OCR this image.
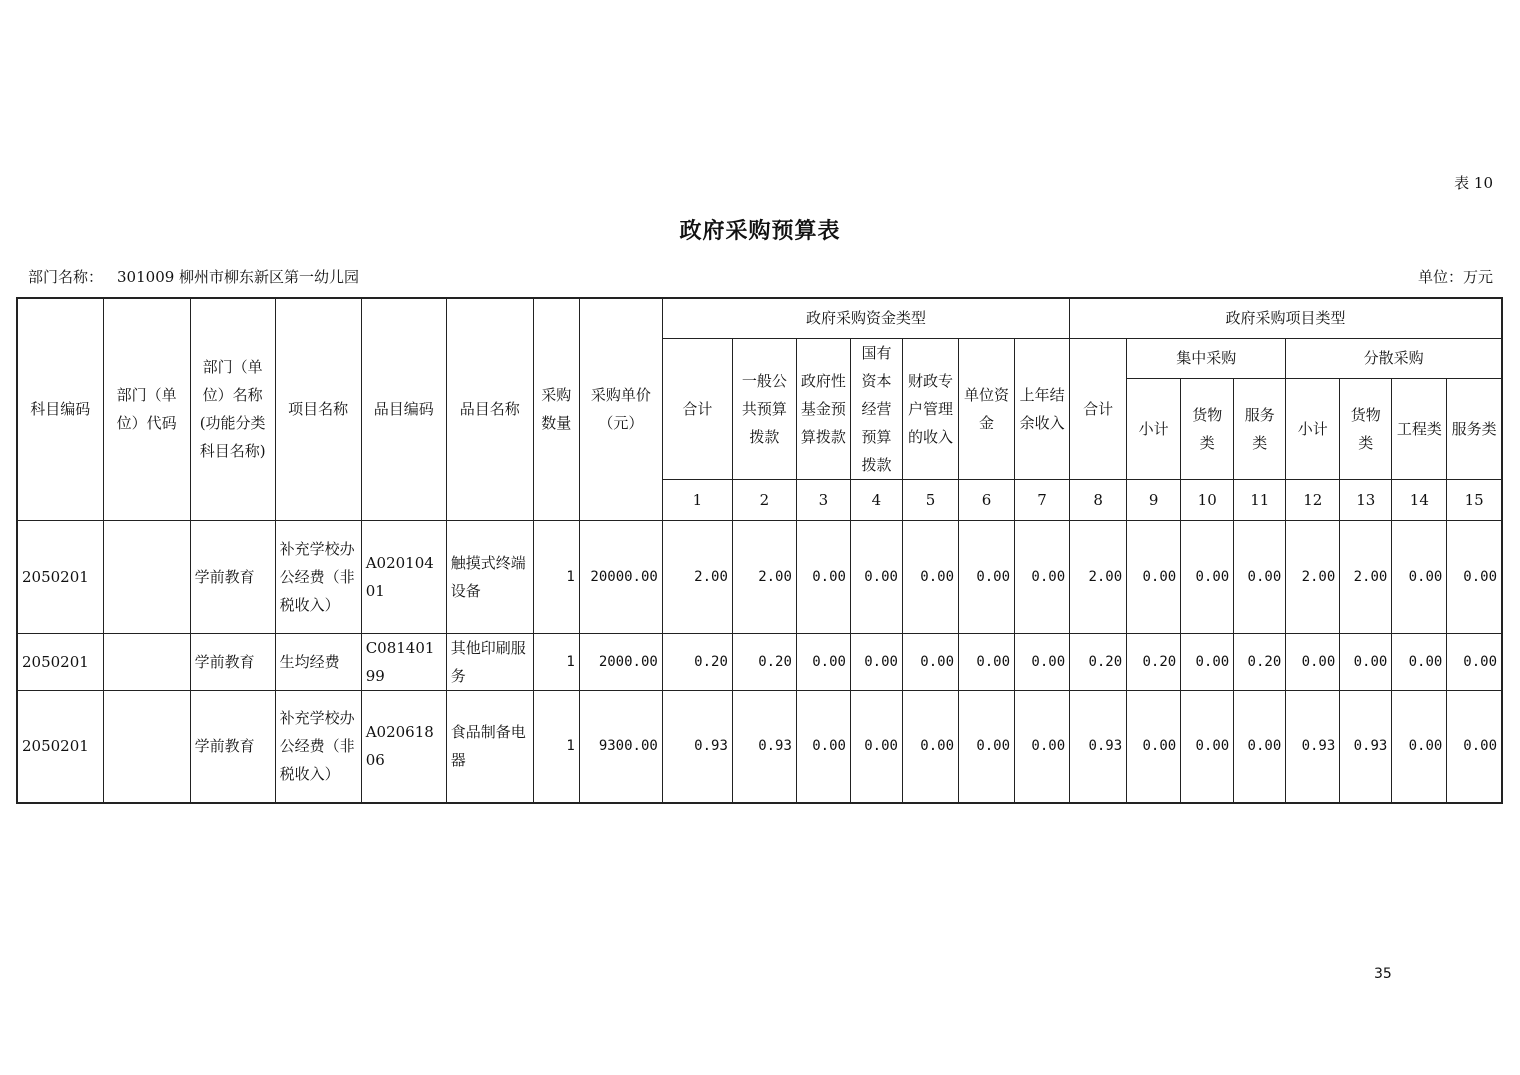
表 10
政府采购预算表
部门名称： 301009 柳州市柳东新区第一幼儿园	单位：万元
科目编码	部门（单位）代码	部门（单位）名称(功能分类科目名称)	项目名称	品目编码	品目名称	采购数量	采购单价（元）	政府采购资金类型							政府采购项目类型							
								合计	一般公共预算拨款	政府性基金预算拨款	国有资本经营预算拨款	财政专户管理的收入	单位资金	上年结余收入	合计	集中采购			分散采购			
																小计	货物类	服务类	小计	货物类	工程类	服务类
								1	2	3	4	5	6	7	8	9	10	11	12	13	14	15
2050201		学前教育	补充学校办公经费（非税收入）	A02010401	触摸式终端设备	1	20000.00	2.00	2.00	0.00	0.00	0.00	0.00	0.00	2.00	0.00	0.00	0.00	2.00	2.00	0.00	0.00
2050201		学前教育	生均经费	C08140199	其他印刷服务	1	2000.00	0.20	0.20	0.00	0.00	0.00	0.00	0.00	0.20	0.20	0.00	0.20	0.00	0.00	0.00	0.00
2050201		学前教育	补充学校办公经费（非税收入）	A02061806	食品制备电器	1	9300.00	0.93	0.93	0.00	0.00	0.00	0.00	0.00	0.93	0.00	0.00	0.00	0.93	0.93	0.00	0.00
35
